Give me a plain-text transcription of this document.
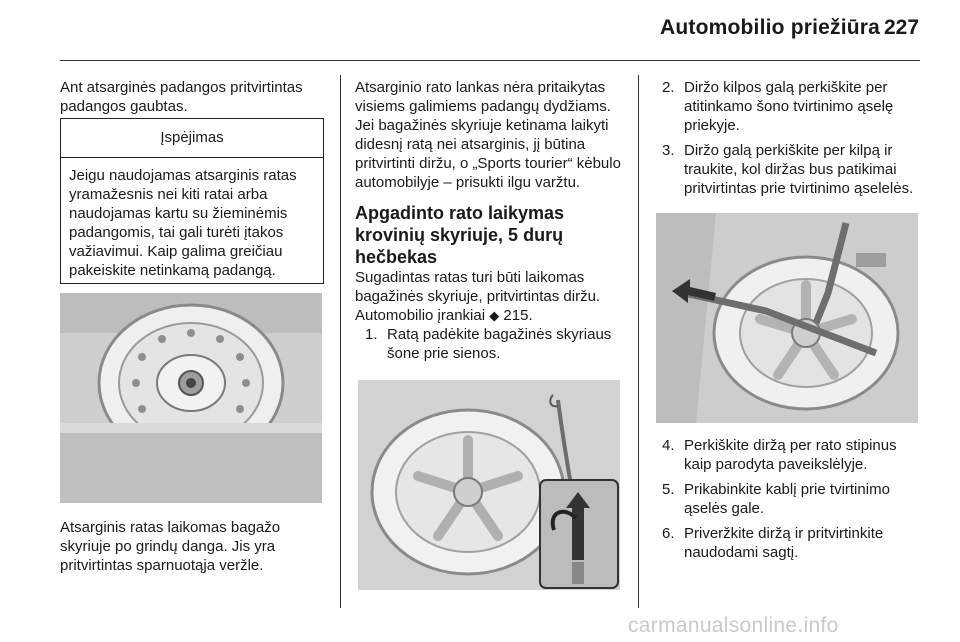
Automobilio priežiūra 227

Ant atsarginės padangos pritvirtintas padangos gaubtas.

Įspėjimas
Jeigu naudojamas atsarginis ratas yramažesnis nei kiti ratai arba naudojamas kartu su žieminėmis padangomis, tai gali turėti įtakos važiavimui. Kaip galima greičiau pakeiskite netinkamą padangą.

Atsarginis ratas laikomas bagažo skyriuje po grindų danga. Jis yra pritvirtintas sparnuotąja veržle.

Atsarginio rato lankas nėra pritaikytas visiems galimiems padangų dydžiams. Jei bagažinės skyriuje ketinama laikyti didesnį ratą nei atsarginis, jį būtina pritvirtinti diržu, o „Sports tourier“ kėbulo automobilyje – prisukti ilgu varžtu.

Apgadinto rato laikymas krovinių skyriuje, 5 durų hečbekas

Sugadintas ratas turi būti laikomas bagažinės skyriuje, pritvirtintas diržu. Automobilio įrankiai ◆ 215.

1. Ratą padėkite bagažinės skyriaus šone prie sienos.
2. Diržo kilpos galą perkiškite per atitinkamo šono tvirtinimo ąselę priekyje.
3. Diržo galą perkiškite per kilpą ir traukite, kol diržas bus patikimai pritvirtintas prie tvirtinimo ąselelės.
4. Perkiškite diržą per rato stipinus kaip parodyta paveikslėlyje.
5. Prikabinkite kablį prie tvirtinimo ąselės gale.
6. Priveržkite diržą ir pritvirtinkite naudodami sagtį.
carmanualsonline.info
